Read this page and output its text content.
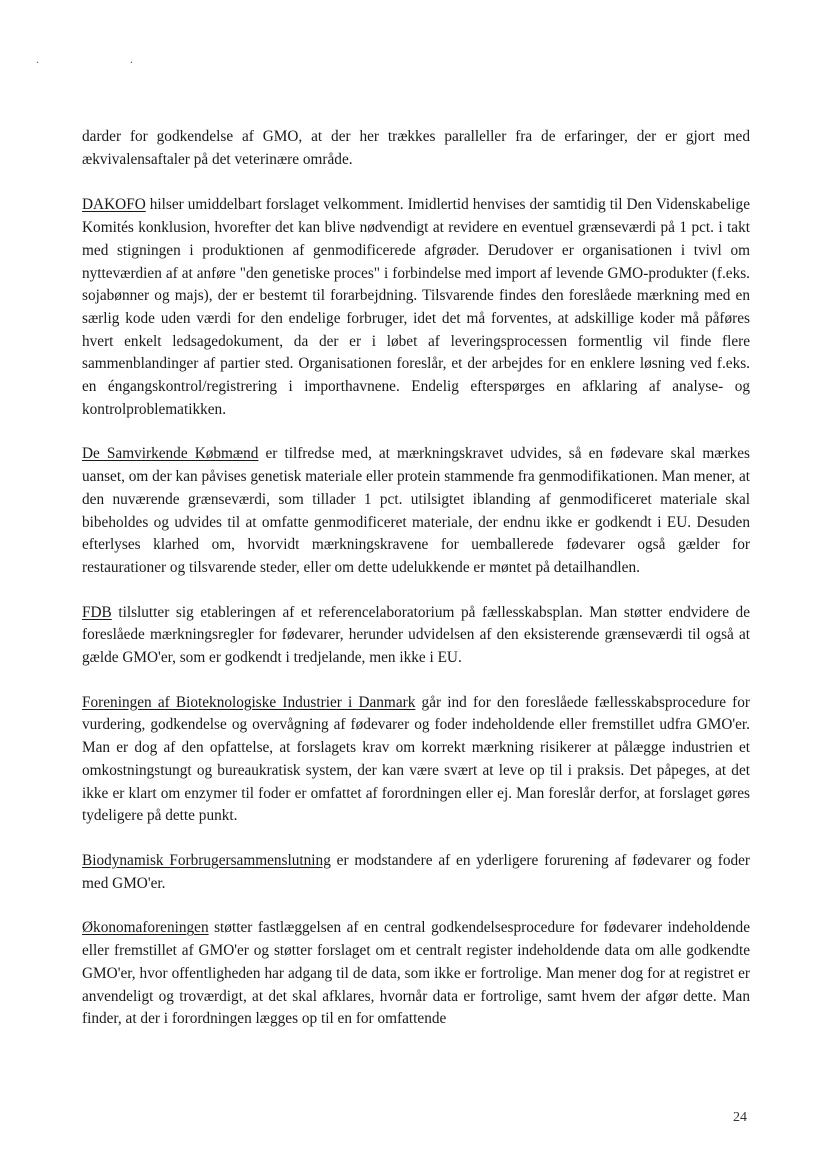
. .

darder for godkendelse af GMO, at der her trækkes paralleller fra de erfaringer, der er gjort med ækvivalensaftaler på det veterinære område.

DAKOFO hilser umiddelbart forslaget velkomment. Imidlertid henvises der samtidig til Den Videnskabelige Komités konklusion, hvorefter det kan blive nødvendigt at revidere en eventuel grænseværdi på 1 pct. i takt med stigningen i produktionen af genmodificerede afgrøder. Derudover er organisationen i tvivl om nytteværdien af at anføre "den genetiske proces" i forbindelse med import af levende GMO-produkter (f.eks. sojabønner og majs), der er bestemt til forarbejdning. Tilsvarende findes den foreslåede mærkning med en særlig kode uden værdi for den endelige forbruger, idet det må forventes, at adskillige koder må påføres hvert enkelt ledsagedokument, da der er i løbet af leveringsprocessen formentlig vil finde flere sammenblandinger af partier sted. Organisationen foreslår, et der arbejdes for en enklere løsning ved f.eks. en éngangskontrol/registrering i importhavnene. Endelig efterspørges en afklaring af analyse- og kontrolproblematikken.

De Samvirkende Købmænd er tilfredse med, at mærkningskravet udvides, så en fødevare skal mærkes uanset, om der kan påvises genetisk materiale eller protein stammende fra genmodifikationen. Man mener, at den nuværende grænseværdi, som tillader 1 pct. utilsigtet iblanding af genmodificeret materiale skal bibeholdes og udvides til at omfatte genmodificeret materiale, der endnu ikke er godkendt i EU. Desuden efterlyses klarhed om, hvorvidt mærkningskravene for uemballerede fødevarer også gælder for restaurationer og tilsvarende steder, eller om dette udelukkende er møntet på detailhandlen.

FDB tilslutter sig etableringen af et referencelaboratorium på fællesskabsplan. Man støtter endvidere de foreslåede mærkningsregler for fødevarer, herunder udvidelsen af den eksisterende grænseværdi til også at gælde GMO'er, som er godkendt i tredjelande, men ikke i EU.

Foreningen af Bioteknologiske Industrier i Danmark går ind for den foreslåede fællesskabsprocedure for vurdering, godkendelse og overvågning af fødevarer og foder indeholdende eller fremstillet udfra GMO'er. Man er dog af den opfattelse, at forslagets krav om korrekt mærkning risikerer at pålægge industrien et omkostningstungt og bureaukratisk system, der kan være svært at leve op til i praksis. Det påpeges, at det ikke er klart om enzymer til foder er omfattet af forordningen eller ej. Man foreslår derfor, at forslaget gøres tydeligere på dette punkt.

Biodynamisk Forbrugersammenslutning er modstandere af en yderligere forurening af fødevarer og foder med GMO'er.

Økonomaforeningen støtter fastlæggelsen af en central godkendelsesprocedure for fødevarer indeholdende eller fremstillet af GMO'er og støtter forslaget om et centralt register indeholdende data om alle godkendte GMO'er, hvor offentligheden har adgang til de data, som ikke er fortrolige. Man mener dog for at registret er anvendeligt og troværdigt, at det skal afklares, hvornår data er fortrolige, samt hvem der afgør dette. Man finder, at der i forordningen lægges op til en for omfattende

24
